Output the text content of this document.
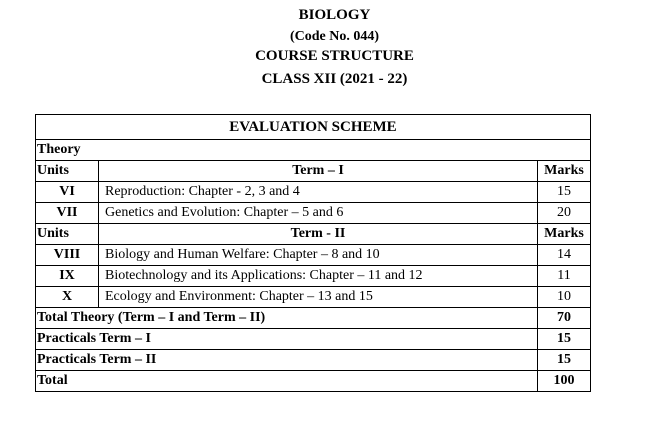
BIOLOGY
(Code No. 044)
COURSE STRUCTURE
CLASS XII (2021 - 22)
EVALUATION SCHEME		
Theory		
Units	Term – I	Marks
VI	Reproduction: Chapter - 2, 3 and 4	15
VII	Genetics and Evolution: Chapter – 5 and 6	20
Units	Term - II	Marks
VIII	Biology and Human Welfare: Chapter – 8 and 10	14
IX	Biotechnology and its Applications: Chapter – 11 and 12	11
X	Ecology and Environment: Chapter – 13 and 15	10
Total Theory (Term – I and Term – II)		70
Practicals Term – I		15
Practicals Term – II		15
Total		100
